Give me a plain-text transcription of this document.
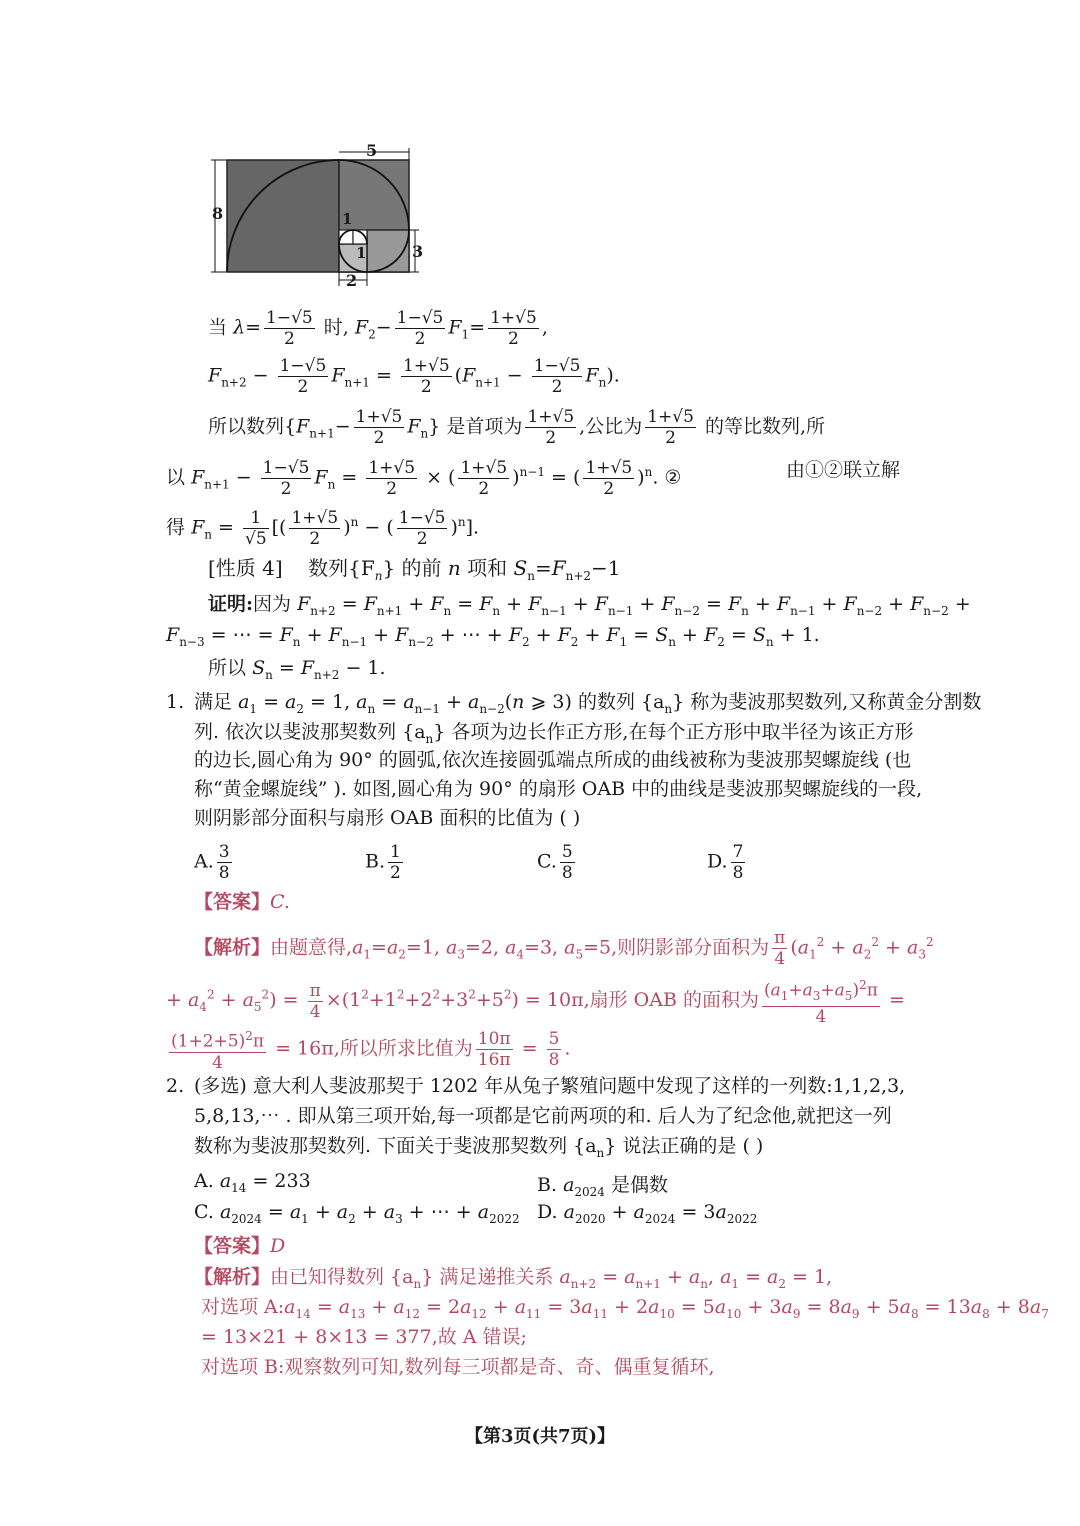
5
8	1
1	3
2
当 $\lambda= \frac{1-√5}{2}$ 时, $F_2- \frac{1-√5}{2} F_1= \frac{1+√5}{2}$ ,
$F_{n+2} - \frac{1-√5}{2} F_{n+1} = \frac{1+√5}{2} (F_{n+1} - \frac{1-√5}{2} F_n)$.
所以数列$\{F_{n+1}- \frac{1+√5}{2} F_n\}$ 是首项为 $\frac{1+√5}{2}$ ,公比为 $\frac{1+√5}{2}$ 的等比数列,所
以 $F_{n+1} - \frac{1-√5}{2} F_n = \frac{1+√5}{2}$ × ( $\frac{1+√5}{2} )^{n-1}$ = ( $\frac{1+√5}{2} )^n$. ②	由①②联立解
得 $F_n = \frac{1}{√5}$ [( $\frac{1+√5}{2} )^n$ − ( $\frac{1-√5}{2} )^n$].
[性质 4] 数列$\{F_n\}$ 的前 n 项和 $S_n=F_{n+2}-1$
证明:因为 $F_{n+2} = F_{n+1} + F_n = F_n + F_{n-1} + F_{n-1} + F_{n-2} = F_n + F_{n-1} + F_{n-2} + F_{n-2}$ +
$F_{n-3}$ = ⋯ = $F_n + F_{n-1} + F_{n-2}$ + ⋯ + $F_2 + F_2 + F_1 = S_n + F_2 = S_n + 1$.
所以 $S_n = F_{n+2} - 1$.
1. 满足 $a_1 = a_2 = 1$, $a_n = a_{n-1} + a_{n-2}(n$ ⩾ 3) 的数列 $\{a_n\}$ 称为斐波那契数列,又称黄金分割数
列. 依次以斐波那契数列 $\{a_n\}$ 各项为边长作正方形,在每个正方形中取半径为该正方形
的边长,圆心角为 90° 的圆弧,依次连接圆弧端点所成的曲线被称为斐波那契螺旋线 (也
称“黄金螺旋线” ). 如图,圆心角为 90° 的扇形 OAB 中的曲线是斐波那契螺旋线的一段,
则阴影部分面积与扇形 OAB 面积的比值为 ( )
A. $\frac{3}{8}$	B. $\frac{1}{2}$	C. $\frac{5}{8}$	D. $\frac{7}{8}$
【答案】C.
【解析】由题意得$,a_1=a_2=1$, $a_3=2$, $a_4=3$, $a_5=5$,则阴影部分面积为 $\frac{\pi}{4} (a_1^2 + a_2^2 + a_3^2$
+ $a_4^2 + a_5^2) = \frac{\pi}{4} \times(1^2+1^2+2^2+3^2+5^2) = 10\pi$,扇形 OAB 的面积为 $\frac{(a_1+a_3+a_5)^2\pi}{4}$ =
$\frac{(1+2+5)^2\pi}{4} = 16\pi$,所以所求比值为 $\frac{10\pi}{16\pi} = \frac{5}{8}$ .
2. (多选) 意大利人斐波那契于 1202 年从兔子繁殖问题中发现了这样的一列数:1,1,2,3,
5,8,13,⋯ . 即从第三项开始,每一项都是它前两项的和. 后人为了纪念他,就把这一列
数称为斐波那契数列. 下面关于斐波那契数列 $\{a_n\}$ 说法正确的是 ( )
A. $a_{14} = 233$	B. $a_{2024}$ 是偶数
C. $a_{2024} = a_1 + a_2 + a_3$ + ⋯ + $a_{2022}$ D. $a_{2020} + a_{2024} = 3a_{2022}$
【答案】D
【解析】由已知得数列 $\{a_n\}$ 满足递推关系 $a_{n+2} = a_{n+1} + a_n$, $a_1 = a_2 = 1$,
对选项 $A:a_{14} = a_{13} + a_{12} = 2a_{12} + a_{11} = 3a_{11} + 2a_{10} = 5a_{10} + 3a_9 = 8a_9 + 5a_8 = 13a_8 + 8a_7$
= 13×21 + 8×13 = 377,故 A 错误;
对选项 B:观察数列可知,数列每三项都是奇、奇、偶重复循环,
【第3页(共7页)】
